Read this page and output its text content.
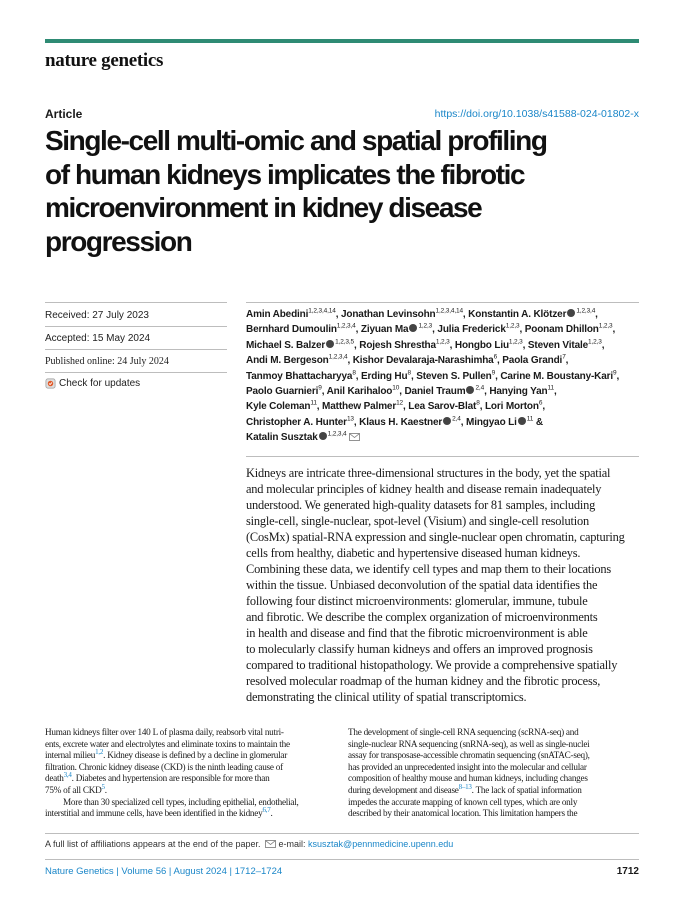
nature genetics
Article	https://doi.org/10.1038/s41588-024-01802-x
Single-cell multi-omic and spatial profiling
of human kidneys implicates the fibrotic
microenvironment in kidney disease
progression
Received: 27 July 2023
Accepted: 15 May 2024
Published online: 24 July 2024
Check for updates
Amin Abedini$^{1,2,3,4,14}$, Jonathan Levinsohn$^{1,2,3,4,14}$, Konstantin A. Klötzer $^{1,2,3,4}$,
Bernhard Dumoulin$^{1,2,3,4}$, Ziyuan Ma $^{1,2,3}$, Julia Frederick$^{1,2,3}$, Poonam Dhillon$^{1,2,3}$,
Michael S. Balzer $^{1,2,3,5}$, Rojesh Shrestha$^{1,2,3}$, Hongbo Liu$^{1,2,3}$, Steven Vitale$^{1,2,3}$,
Andi M. Bergeson$^{1,2,3,4}$, Kishor Devalaraja-Narashimha$^6$, Paola Grandi$^7$,
Tanmoy Bhattacharyya$^8$, Erding Hu$^8$, Steven S. Pullen$^9$, Carine M. Boustany-Kari$^9$,
Paolo Guarnieri$^9$, Anil Karihaloo$^{10}$, Daniel Traum $^{2,4}$, Hanying Yan$^{11}$,
Kyle Coleman$^{11}$, Matthew Palmer$^{12}$, Lea Sarov-Blat$^8$, Lori Morton$^6$,
Christopher A. Hunter$^{13}$, Klaus H. Kaestner $^{2,4}$, Mingyao Li $^{11}$ &
Katalin Susztak $^{1,2,3,4}$
Kidneys are intricate three-dimensional structures in the body, yet the spatial
and molecular principles of kidney health and disease remain inadequately
understood. We generated high-quality datasets for 81 samples, including
single-cell, single-nuclear, spot-level (Visium) and single-cell resolution
(CosMx) spatial-RNA expression and single-nuclear open chromatin, capturing
cells from healthy, diabetic and hypertensive diseased human kidneys.
Combining these data, we identify cell types and map them to their locations
within the tissue. Unbiased deconvolution of the spatial data identifies the
following four distinct microenvironments: glomerular, immune, tubule
and fibrotic. We describe the complex organization of microenvironments
in health and disease and find that the fibrotic microenvironment is able
to molecularly classify human kidneys and offers an improved prognosis
compared to traditional histopathology. We provide a comprehensive spatially
resolved molecular roadmap of the human kidney and the fibrotic process,
demonstrating the clinical utility of spatial transcriptomics.
Human kidneys filter over 140 L of plasma daily, reabsorb vital nutri-
ents, excrete water and electrolytes and eliminate toxins to maintain the
internal milieu$^{1,2}$. Kidney disease is defined by a decline in glomerular
filtration. Chronic kidney disease (CKD) is the ninth leading cause of
death$^{3,4}$. Diabetes and hypertension are responsible for more than
75% of all CKD$^5$.
More than 30 specialized cell types, including epithelial, endothelial,
interstitial and immune cells, have been identified in the kidney$^{6,7}$.
The development of single-cell RNA sequencing (scRNA-seq) and
single-nuclear RNA sequencing (snRNA-seq), as well as single-nuclei
assay for transposase-accessible chromatin sequencing (snATAC-seq),
has provided an unprecedented insight into the molecular and cellular
composition of healthy mouse and human kidneys, including changes
during development and disease$^{8-13}$. The lack of spatial information
impedes the accurate mapping of known cell types, which are only
described by their anatomical location. This limitation hampers the
A full list of affiliations appears at the end of the paper. e-mail: ksusztak@pennmedicine.upenn.edu
Nature Genetics | Volume 56 | August 2024 | 1712–1724	1712
